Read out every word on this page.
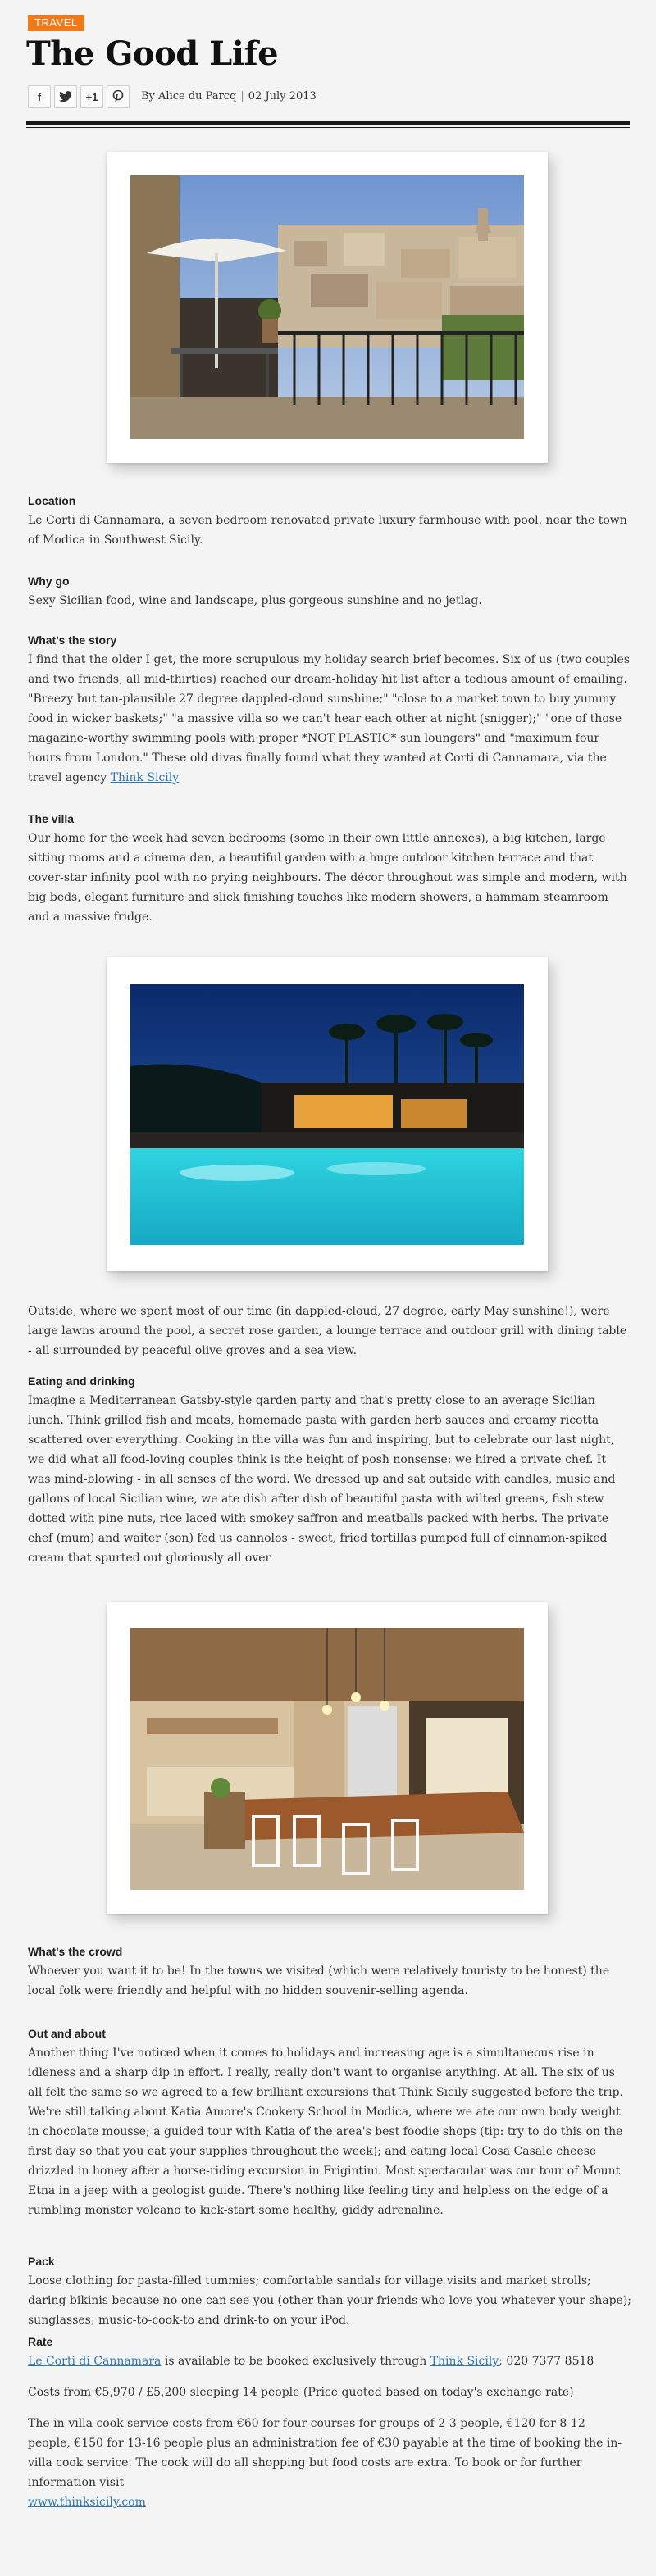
TRAVEL
The Good Life
f	+1	By Alice du Parcq | 02 July 2013
Location

Le Corti di Cannamara, a seven bedroom renovated private luxury farmhouse with pool, near the town of Modica in Southwest Sicily.

Why go

Sexy Sicilian food, wine and landscape, plus gorgeous sunshine and no jetlag.

What's the story

I find that the older I get, the more scrupulous my holiday search brief becomes. Six of us (two couples and two friends, all mid-thirties) reached our dream-holiday hit list after a tedious amount of emailing. "Breezy but tan-plausible 27 degree dappled-cloud sunshine;" "close to a market town to buy yummy food in wicker baskets;" "a massive villa so we can't hear each other at night (snigger);" "one of those magazine-worthy swimming pools with proper *NOT PLASTIC* sun loungers" and "maximum four hours from London." These old divas finally found what they wanted at Corti di Cannamara, via the travel agency Think Sicily

The villa

Our home for the week had seven bedrooms (some in their own little annexes), a big kitchen, large sitting rooms and a cinema den, a beautiful garden with a huge outdoor kitchen terrace and that cover-star infinity pool with no prying neighbours. The décor throughout was simple and modern, with big beds, elegant furniture and slick finishing touches like modern showers, a hammam steamroom and a massive fridge.

Outside, where we spent most of our time (in dappled-cloud, 27 degree, early May sunshine!), were large lawns around the pool, a secret rose garden, a lounge terrace and outdoor grill with dining table - all surrounded by peaceful olive groves and a sea view.

Eating and drinking

Imagine a Mediterranean Gatsby-style garden party and that's pretty close to an average Sicilian lunch. Think grilled fish and meats, homemade pasta with garden herb sauces and creamy ricotta scattered over everything. Cooking in the villa was fun and inspiring, but to celebrate our last night, we did what all food-loving couples think is the height of posh nonsense: we hired a private chef. It was mind-blowing - in all senses of the word. We dressed up and sat outside with candles, music and gallons of local Sicilian wine, we ate dish after dish of beautiful pasta with wilted greens, fish stew dotted with pine nuts, rice laced with smokey saffron and meatballs packed with herbs. The private chef (mum) and waiter (son) fed us cannolos - sweet, fried tortillas pumped full of cinnamon-spiked cream that spurted out gloriously all over

What's the crowd

Whoever you want it to be! In the towns we visited (which were relatively touristy to be honest) the local folk were friendly and helpful with no hidden souvenir-selling agenda.

Out and about

Another thing I've noticed when it comes to holidays and increasing age is a simultaneous rise in idleness and a sharp dip in effort. I really, really don't want to organise anything. At all. The six of us all felt the same so we agreed to a few brilliant excursions that Think Sicily suggested before the trip. We're still talking about Katia Amore's Cookery School in Modica, where we ate our own body weight in chocolate mousse; a guided tour with Katia of the area's best foodie shops (tip: try to do this on the first day so that you eat your supplies throughout the week); and eating local Cosa Casale cheese drizzled in honey after a horse-riding excursion in Frigintini. Most spectacular was our tour of Mount Etna in a jeep with a geologist guide. There's nothing like feeling tiny and helpless on the edge of a rumbling monster volcano to kick-start some healthy, giddy adrenaline.

Pack

Loose clothing for pasta-filled tummies; comfortable sandals for village visits and market strolls; daring bikinis because no one can see you (other than your friends who love you whatever your shape); sunglasses; music-to-cook-to and drink-to on your iPod.

Rate

Le Corti di Cannamara is available to be booked exclusively through Think Sicily; 020 7377 8518

Costs from €5,970 / £5,200 sleeping 14 people (Price quoted based on today's exchange rate)

The in-villa cook service costs from €60 for four courses for groups of 2-3 people, €120 for 8-12 people, €150 for 13-16 people plus an administration fee of €30 payable at the time of booking the in-villa cook service. The cook will do all shopping but food costs are extra. To book or for further information visit
www.thinksicily.com
